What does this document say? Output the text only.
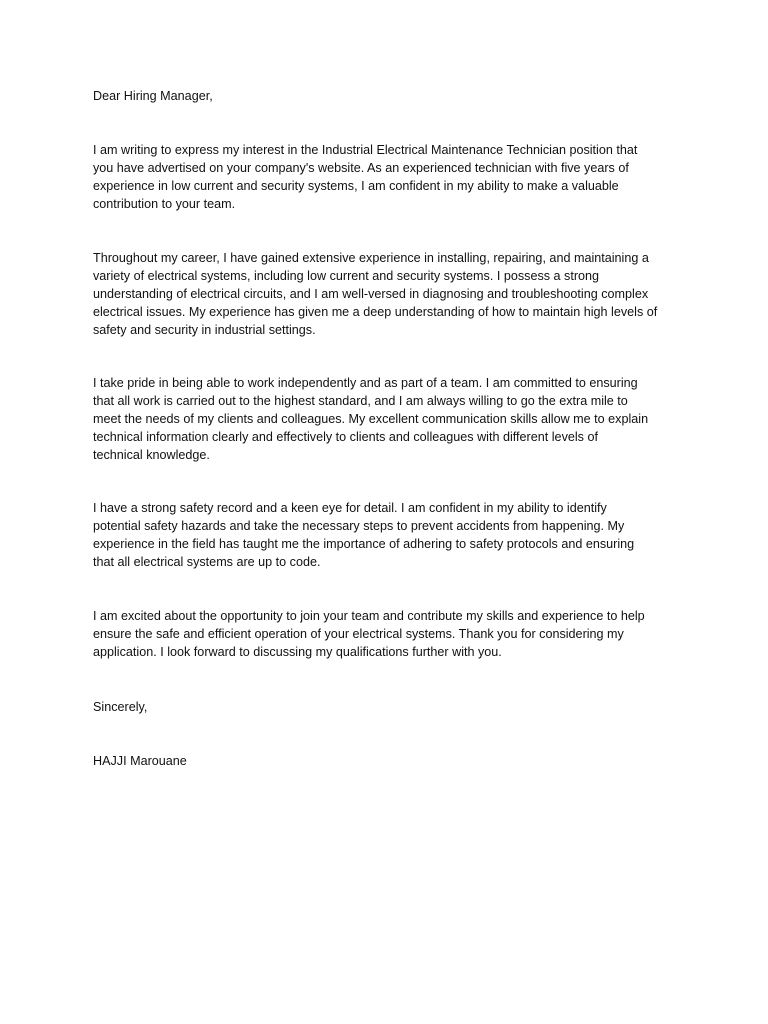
Dear Hiring Manager,

I am writing to express my interest in the Industrial Electrical Maintenance Technician position that
you have advertised on your company's website. As an experienced technician with five years of
experience in low current and security systems, I am confident in my ability to make a valuable
contribution to your team.

Throughout my career, I have gained extensive experience in installing, repairing, and maintaining a
variety of electrical systems, including low current and security systems. I possess a strong
understanding of electrical circuits, and I am well-versed in diagnosing and troubleshooting complex
electrical issues. My experience has given me a deep understanding of how to maintain high levels of
safety and security in industrial settings.

I take pride in being able to work independently and as part of a team. I am committed to ensuring
that all work is carried out to the highest standard, and I am always willing to go the extra mile to
meet the needs of my clients and colleagues. My excellent communication skills allow me to explain
technical information clearly and effectively to clients and colleagues with different levels of
technical knowledge.

I have a strong safety record and a keen eye for detail. I am confident in my ability to identify
potential safety hazards and take the necessary steps to prevent accidents from happening. My
experience in the field has taught me the importance of adhering to safety protocols and ensuring
that all electrical systems are up to code.

I am excited about the opportunity to join your team and contribute my skills and experience to help
ensure the safe and efficient operation of your electrical systems. Thank you for considering my
application. I look forward to discussing my qualifications further with you.

Sincerely,

HAJJI Marouane
